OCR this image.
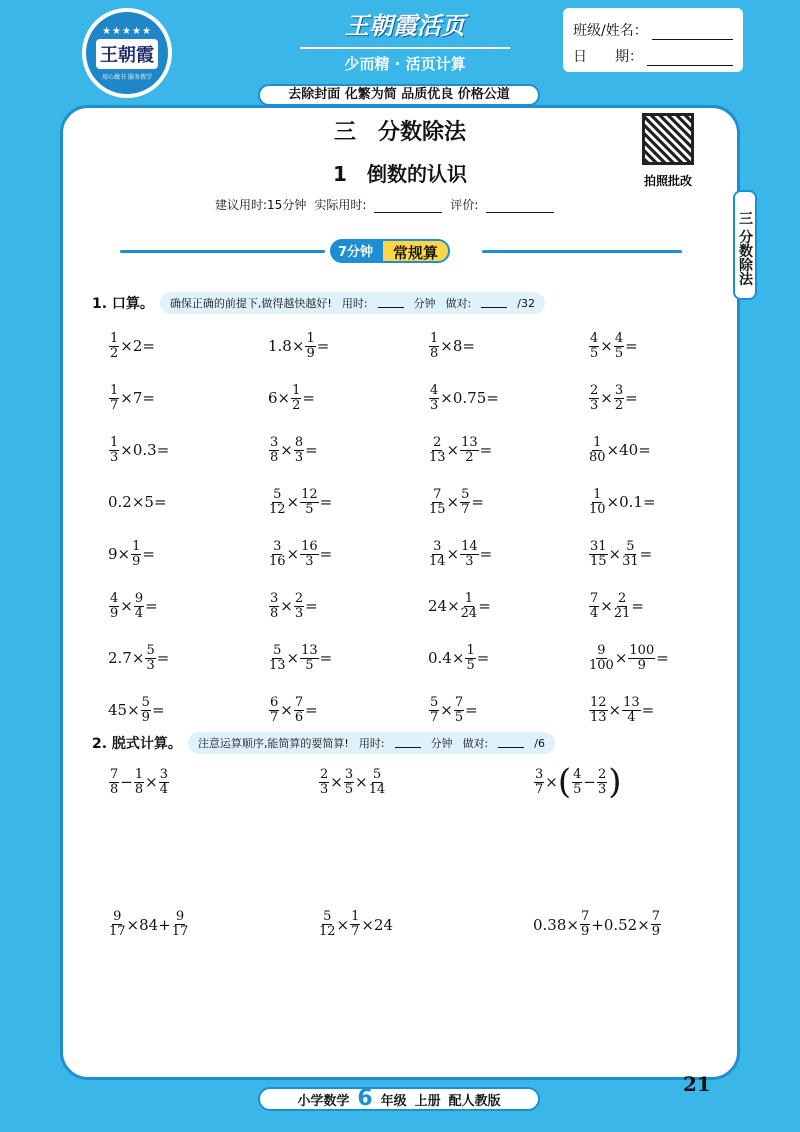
★★★★★
王朝霞
用心做书 服务教学
王朝霞活页
少而精 · 活页计算
班级/姓名：
日　　期：
去除封面 化繁为简 品质优良 价格公道
三 分数除法
拍照批改
三　分数除法
1　倒数的认识
建议用时:15分钟 实际用时:	评价:
7分钟	常规算
1. 口算。 确保正确的前提下,做得越快越好! 用时:	分钟 做对:	/32
$\frac{1}{2} \times 2=$	$1.8\times \frac{1}{9}$ =	$\frac{1}{8} \times 8=$	$\frac{4}{5} \times \frac{4}{5}$ =
$\frac{1}{7} \times 7=$	$6\times \frac{1}{2}$ =	$\frac{4}{3} \times 0.75=$	$\frac{2}{3} \times \frac{3}{2}$ =
$\frac{1}{3} \times 0.3=$	$\frac{3}{8} \times \frac{8}{3}$ =	$\frac{2}{13} \times \frac{13}{2}$ =	$\frac{1}{80} \times 40=$
0.2×5=	$\frac{5}{12} \times \frac{12}{5}$ =	$\frac{7}{15} \times \frac{5}{7}$ =	$\frac{1}{10} \times 0.1=$
$9\times \frac{1}{9}$ =	$\frac{3}{16} \times \frac{16}{3}$ =	$\frac{3}{14} \times \frac{14}{3}$ =	$\frac{31}{15} \times \frac{5}{31}$ =
$\frac{4}{9} \times \frac{9}{4}$ =	$\frac{3}{8} \times \frac{2}{3}$ =	$24\times \frac{1}{24}$ =	$\frac{7}{4} \times \frac{2}{21}$ =
$2.7\times \frac{5}{3}$ =	$\frac{5}{13} \times \frac{13}{5}$ =	$0.4\times \frac{1}{5}$ =	$\frac{9}{100} \times \frac{100}{9}$ =
$45\times \frac{5}{9}$ =	$\frac{6}{7} \times \frac{7}{6}$ =	$\frac{5}{7} \times \frac{7}{5}$ =	$\frac{12}{13} \times \frac{13}{4}$ =
2. 脱式计算。 注意运算顺序,能简算的要简算! 用时:	分钟 做对:	/6
$\frac{7}{8} - \frac{1}{8} \times \frac{3}{4}$	$\frac{2}{3} \times \frac{3}{5} \times \frac{5}{14}$	$\frac{3}{7}$ × ( $\frac{4}{5} - \frac{2}{3}$ )
$\frac{9}{17} \times 84+ \frac{9}{17}$	$\frac{5}{12} \times \frac{1}{7} \times 24$	$0.38\times \frac{7}{9} +0.52\times \frac{7}{9}$
21
小学数学 6 年级 上册 配人教版
